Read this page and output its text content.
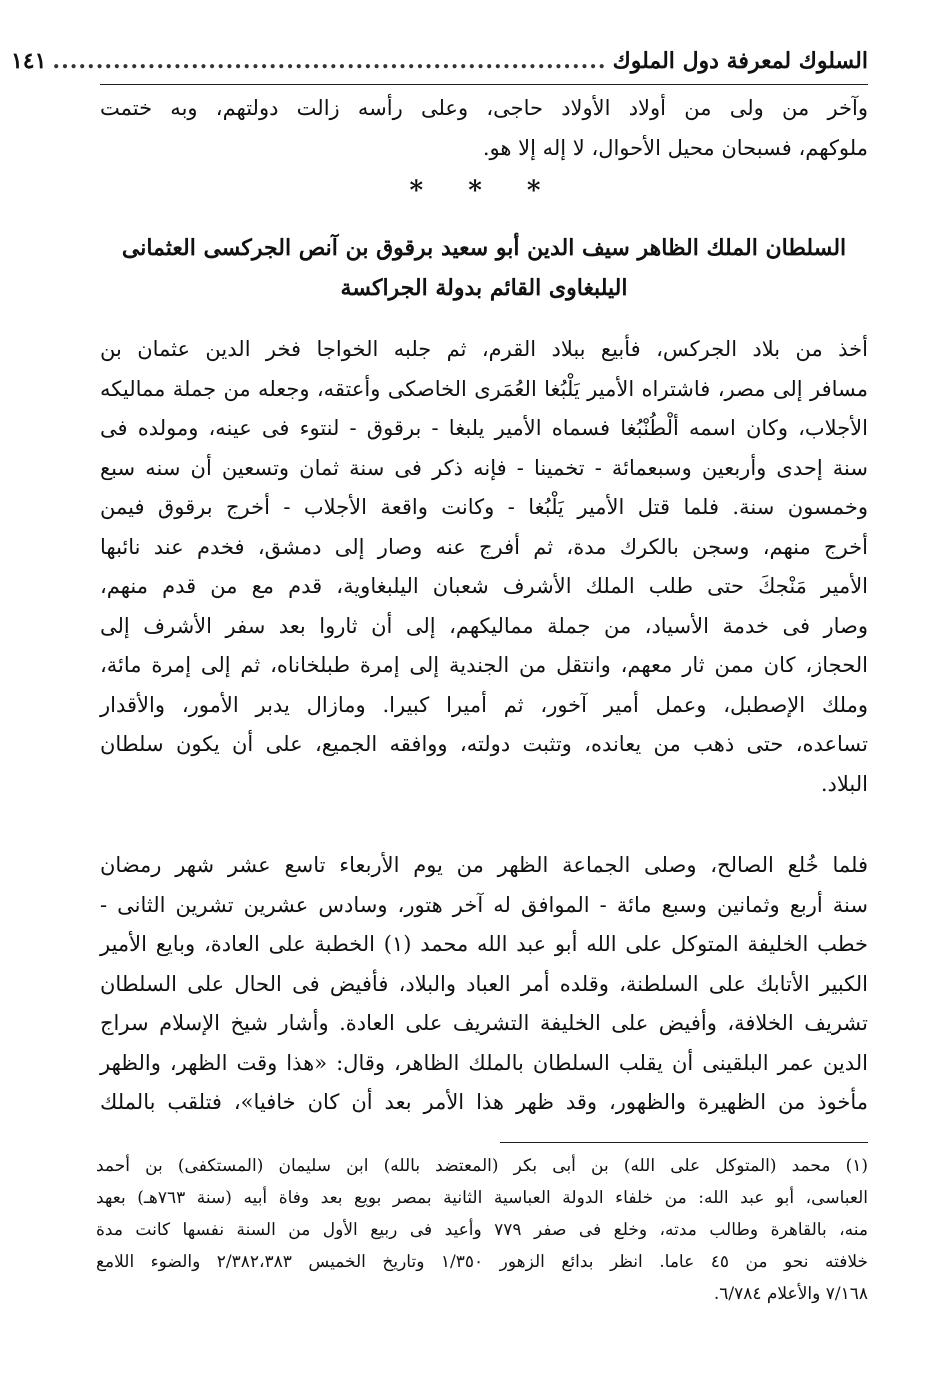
السلوك لمعرفة دول الملوك
................................................................
١٤١
وآخر من ولى من أولاد الأولاد حاجى، وعلى رأسه زالت دولتهم، وبه ختمت
ملوكهم، فسبحان محيل الأحوال، لا إله إلا هو.
* * *
السلطان الملك الظاهر سيف الدين أبو سعيد برقوق بن آنص الجركسى العثمانى
اليلبغاوى القائم بدولة الجراكسة
أخذ من بلاد الجركس، فأبيع ببلاد القرم، ثم جلبه الخواجا فخر الدين عثمان بن
مسافر إلى مصر، فاشتراه الأمير يَلْبُغا العُمَرى الخاصكى وأعتقه، وجعله من جملة مماليكه
الأجلاب، وكان اسمه ألْطُنْبُغا فسماه الأمير يلبغا - برقوق - لنتوء فى عينه، ومولده فى
سنة إحدى وأربعين وسبعمائة - تخمينا - فإنه ذكر فى سنة ثمان وتسعين أن سنه سبع
وخمسون سنة. فلما قتل الأمير يَلْبُغا - وكانت واقعة الأجلاب - أخرج برقوق فيمن
أخرج منهم، وسجن بالكرك مدة، ثم أفرج عنه وصار إلى دمشق، فخدم عند نائبها
الأمير مَنْجكَ حتى طلب الملك الأشرف شعبان اليلبغاوية، قدم مع من قدم منهم،
وصار فى خدمة الأسياد، من جملة مماليكهم، إلى أن ثاروا بعد سفر الأشرف إلى
الحجاز، كان ممن ثار معهم، وانتقل من الجندية إلى إمرة طبلخاناه، ثم إلى إمرة مائة،
وملك الإصطبل، وعمل أمير آخور، ثم أميرا كبيرا. ومازال يدبر الأمور، والأقدار
تساعده، حتى ذهب من يعانده، وتثبت دولته، ووافقه الجميع، على أن يكون سلطان
البلاد.
فلما خُلع الصالح، وصلى الجماعة الظهر من يوم الأربعاء تاسع عشر شهر رمضان
سنة أربع وثمانين وسبع مائة - الموافق له آخر هتور، وسادس عشرين تشرين الثانى -
خطب الخليفة المتوكل على الله أبو عبد الله محمد (١) الخطبة على العادة، وبايع الأمير
الكبير الأتابك على السلطنة، وقلده أمر العباد والبلاد، فأفيض فى الحال على السلطان
تشريف الخلافة، وأفيض على الخليفة التشريف على العادة. وأشار شيخ الإسلام سراج
الدين عمر البلقينى أن يقلب السلطان بالملك الظاهر، وقال: «هذا وقت الظهر، والظهر
مأخوذ من الظهيرة والظهور، وقد ظهر هذا الأمر بعد أن كان خافيا»، فتلقب بالملك
(١) محمد (المتوكل على الله) بن أبى بكر (المعتضد بالله) ابن سليمان (المستكفى) بن أحمد
العباسى، أبو عبد الله: من خلفاء الدولة العباسية الثانية بمصر بويع بعد وفاة أبيه (سنة ٧٦٣هـ) بعهد
منه، بالقاهرة وطالب مدته، وخلع فى صفر ٧٧٩ وأعيد فى ربيع الأول من السنة نفسها كانت مدة
خلافته نحو من ٤٥ عاما. انظر بدائع الزهور ١/٣٥٠ وتاريخ الخميس ٢/٣٨٢،٣٨٣ والضوء اللامع
٧/١٦٨ والأعلام ٦/٧٨٤.
